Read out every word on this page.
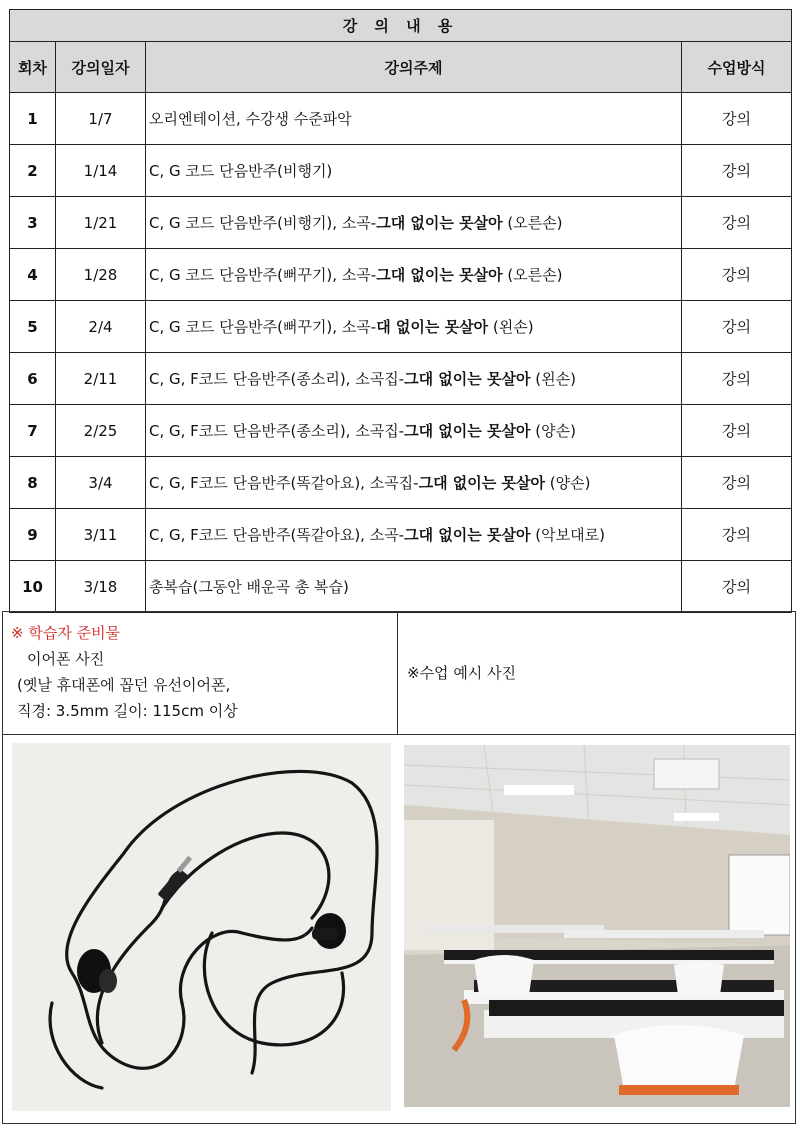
강 의 내 용			
회차	강의일자	강의주제	수업방식
1	1/7	오리엔테이션, 수강생 수준파악	강의
2	1/14	C, G 코드 단음반주(비행기)	강의
3	1/21	C, G 코드 단음반주(비행기), 소곡-그대 없이는 못살아 (오른손)	강의
4	1/28	C, G 코드 단음반주(뻐꾸기), 소곡-그대 없이는 못살아 (오른손)	강의
5	2/4	C, G 코드 단음반주(뻐꾸기), 소곡-대 없이는 못살아 (왼손)	강의
6	2/11	C, G, F코드 단음반주(종소리), 소곡집-그대 없이는 못살아 (왼손)	강의
7	2/25	C, G, F코드 단음반주(종소리), 소곡집-그대 없이는 못살아 (양손)	강의
8	3/4	C, G, F코드 단음반주(똑같아요), 소곡집-그대 없이는 못살아 (양손)	강의
9	3/11	C, G, F코드 단음반주(똑같아요), 소곡-그대 없이는 못살아 (악보대로)	강의
10	3/18	총복습(그동안 배운곡 총 복습)	강의
※ 학습자 준비물
이어폰 사진
(옛날 휴대폰에 꼽던 유선이어폰,
직경: 3.5mm 길이: 115cm 이상
※수업 예시 사진
